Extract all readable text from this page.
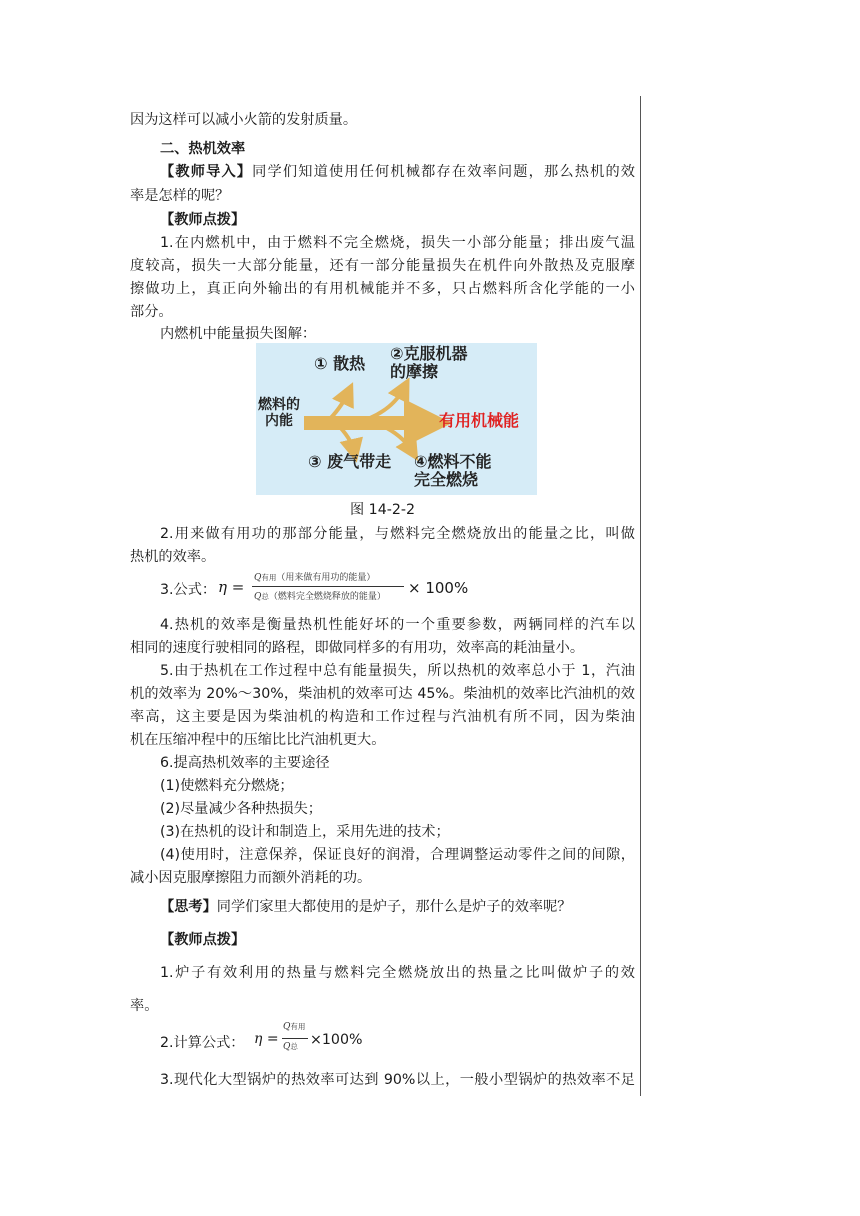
因为这样可以减小火箭的发射质量。
二、热机效率
【教师导入】同学们知道使用任何机械都存在效率问题，那么热机的效
率是怎样的呢？
【教师点拨】
1.在内燃机中，由于燃料不完全燃烧，损失一小部分能量；排出废气温
度较高，损失一大部分能量，还有一部分能量损失在机件向外散热及克服摩
擦做功上，真正向外输出的有用机械能并不多，只占燃料所含化学能的一小
部分。
内燃机中能量损失图解：
燃料的
内能
① 散热
②克服机器
的摩擦
③ 废气带走 ④燃料不能
完全燃烧
有用机械能
图 14-2-2
2.用来做有用功的那部分能量，与燃料完全燃烧放出的能量之比，叫做
热机的效率。
3.公式： η = Q有用（用来做有用功的能量）
Q总（燃料完全燃烧释放的能量） × 100%
4.热机的效率是衡量热机性能好坏的一个重要参数，两辆同样的汽车以
相同的速度行驶相同的路程，即做同样多的有用功，效率高的耗油量小。
5.由于热机在工作过程中总有能量损失，所以热机的效率总小于 1，汽油
机的效率为 20%～30%，柴油机的效率可达 45%。柴油机的效率比汽油机的效
率高，这主要是因为柴油机的构造和工作过程与汽油机有所不同，因为柴油
机在压缩冲程中的压缩比比汽油机更大。
6.提高热机效率的主要途径
(1)使燃料充分燃烧；
(2)尽量减少各种热损失；
(3)在热机的设计和制造上，采用先进的技术；
(4)使用时，注意保养，保证良好的润滑，合理调整运动零件之间的间隙，
减小因克服摩擦阻力而额外消耗的功。
【思考】同学们家里大都使用的是炉子，那什么是炉子的效率呢？
【教师点拨】
1.炉子有效利用的热量与燃料完全燃烧放出的热量之比叫做炉子的效
率。
2.计算公式： η =
Q有用
Q总 ×100%
3.现代化大型锅炉的热效率可达到 90%以上，一般小型锅炉的热效率不足
